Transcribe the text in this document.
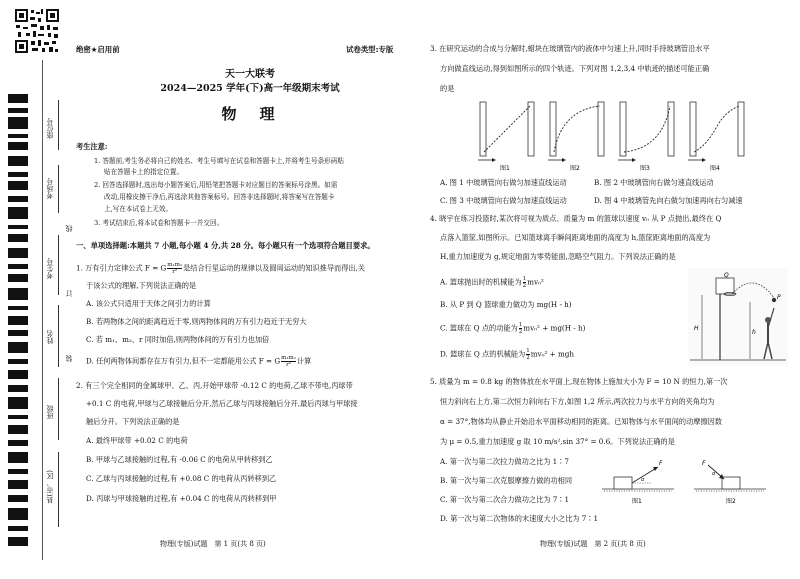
座位号
考场号
线
考生号
订
姓名
装
班级
县(市、区)
绝密★启用前	试卷类型:专版
天一大联考
2024—2025 学年(下)高一年级期末考试
物　理
考生注意:
1. 答题前,考生务必将自己的姓名、考生号填写在试卷和答题卡上,并将考生号条形码粘
贴在答题卡上的指定位置。
2. 回答选择题时,选出每小题答案后,用铅笔把答题卡对应题目的答案标号涂黑。如需
改动,用橡皮擦干净后,再选涂其他答案标号。回答非选择题时,将答案写在答题卡
上,写在本试卷上无效。
3. 考试结束后,将本试卷和答题卡一并交回。
一、单项选择题:本题共 7 小题,每小题 4 分,共 28 分。每小题只有一个选项符合题目要求。
1. 万有引力定律公式 F = G $\frac{\text{m₁m₂}}{\text{r²}}$ 是结合行星运动的规律以及圆周运动的知识推导而得出,关
于该公式的理解,下列说法正确的是
A. 该公式只适用于天体之间引力的计算
B. 若两物体之间的距离趋近于零,则两物体间的万有引力趋近于无穷大
C. 若 m₁、m₂、r 同时加倍,则两物体间的万有引力也加倍
D. 任何两物体间都存在万有引力,但不一定都能用公式 F = G $\frac{\text{m₁m₂}}{\text{r²}}$ 计算
2. 有三个完全相同的金属球甲、乙、丙,开始甲球带 -0.12 C 的电荷,乙球不带电,丙球带
+0.1 C 的电荷,甲球与乙球接触后分开,然后乙球与丙球接触后分开,最后丙球与甲球接
触后分开。下列说法正确的是
A. 最终甲球带 +0.02 C 的电荷
B. 甲球与乙球接触的过程,有 -0.06 C 的电荷从甲转移到乙
C. 乙球与丙球接触的过程,有 +0.08 C 的电荷从丙转移到乙
D. 丙球与甲球接触的过程,有 +0.04 C 的电荷从丙转移到甲
物理(专版)试题　第 1 页(共 8 页)
3. 在研究运动的合成与分解时,蜡块在玻璃管内的液体中匀速上升,同时手持玻璃管沿水平
方向做直线运动,得到如图所示的四个轨迹。下列对图 1,2,3,4 中轨迹的描述可能正确
的是
图1	图2	图3	图4
A. 图 1 中玻璃管向右做匀加速直线运动	B. 图 2 中玻璃管向右做匀速直线运动
C. 图 3 中玻璃管向右做匀加速直线运动	D. 图 4 中玻璃管先向右做匀加速再向右匀减速
4. 晓宇在练习投篮时,某次将可视为质点、质量为 m 的篮球以速度 v₀ 从 P 点抛出,最终在 Q
点落入篮筐,如图所示。已知篮球离手瞬间距离地面的高度为 h,篮筐距离地面的高度为
H,重力加速度为 g,规定地面为零势能面,忽略空气阻力。下列说法正确的是
A. 篮球抛出时的机械能为 $\frac{1}{2} mv_0^2$
B. 从 P 到 Q 篮球重力做功为 mg(H - h)
C. 篮球在 Q 点的动能为 $\frac{1}{2} mv_0^2 + mg(H - h)$
D. 篮球在 Q 点的机械能为 $\frac{1}{2} mv_0^2$ + mgh
Q
P
H
h
5. 质量为 m = 0.8 kg 的物体放在水平面上,现在物体上施加大小为 F = 10 N 的恒力,第一次
恒力斜向右上方,第二次恒力斜向右下方,如图 1,2 所示,两次拉力与水平方向的夹角均为
α = 37°,物体均从静止开始沿水平面移动相同的距离。已知物体与水平面间的动摩擦因数
为 μ = 0.5,重力加速度 g 取 10 m/s²,sin 37° = 0.6。下列说法正确的是
A. 第一次与第二次拉力做功之比为 1∶7
B. 第一次与第二次克服摩擦力做的功相同
C. 第一次与第二次合力做功之比为 7∶1
D. 第一次与第二次物体的末速度大小之比为 7∶1
F
α
图1
F
α
图2
物理(专版)试题　第 2 页(共 8 页)
